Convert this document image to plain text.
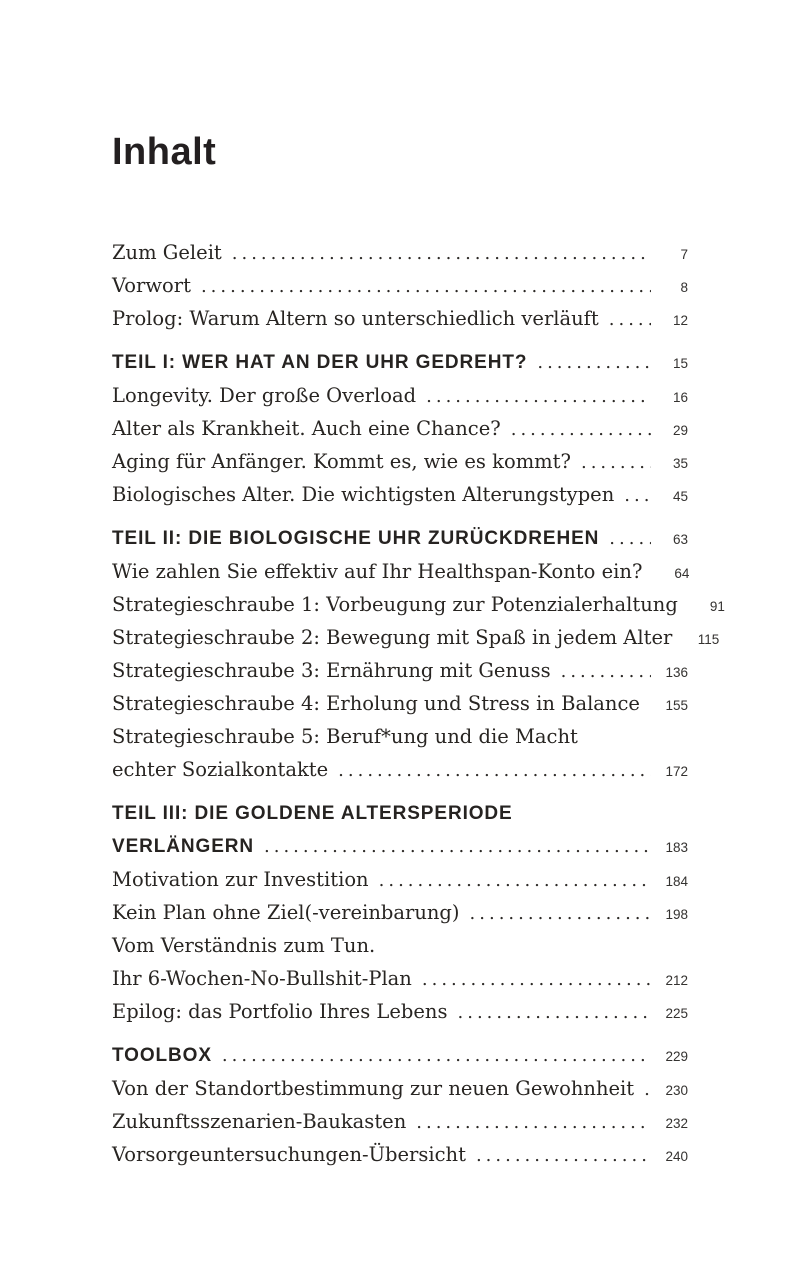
Inhalt
Zum Geleit .....	7
Vorwort .....	8
Prolog: Warum Altern so unterschiedlich verläuft .....	12
TEIL I: WER HAT AN DER UHR GEDREHT? .....	15
Longevity. Der große Overload .....	16
Alter als Krankheit. Auch eine Chance? .....	29
Aging für Anfänger. Kommt es, wie es kommt? .....	35
Biologisches Alter. Die wichtigsten Alterungstypen .....	45
TEIL II: DIE BIOLOGISCHE UHR ZURÜCKDREHEN .....	63
Wie zahlen Sie effektiv auf Ihr Healthspan-Konto ein?	64
Strategieschraube 1: Vorbeugung zur Potenzialerhaltung	91
Strategieschraube 2: Bewegung mit Spaß in jedem Alter	115
Strategieschraube 3: Ernährung mit Genuss .....	136
Strategieschraube 4: Erholung und Stress in Balance .....	155
Strategieschraube 5: Beruf*ung und die Macht
echter Sozialkontakte .....	172
TEIL III: DIE GOLDENE ALTERSPERIODE
VERLÄNGERN .....	183
Motivation zur Investition .....	184
Kein Plan ohne Ziel(-vereinbarung) .....	198
Vom Verständnis zum Tun.
Ihr 6-Wochen-No-Bullshit-Plan .....	212
Epilog: das Portfolio Ihres Lebens .....	225
TOOLBOX .....	229
Von der Standortbestimmung zur neuen Gewohnheit .....	230
Zukunftsszenarien-Baukasten .....	232
Vorsorgeuntersuchungen-Übersicht .....	240
